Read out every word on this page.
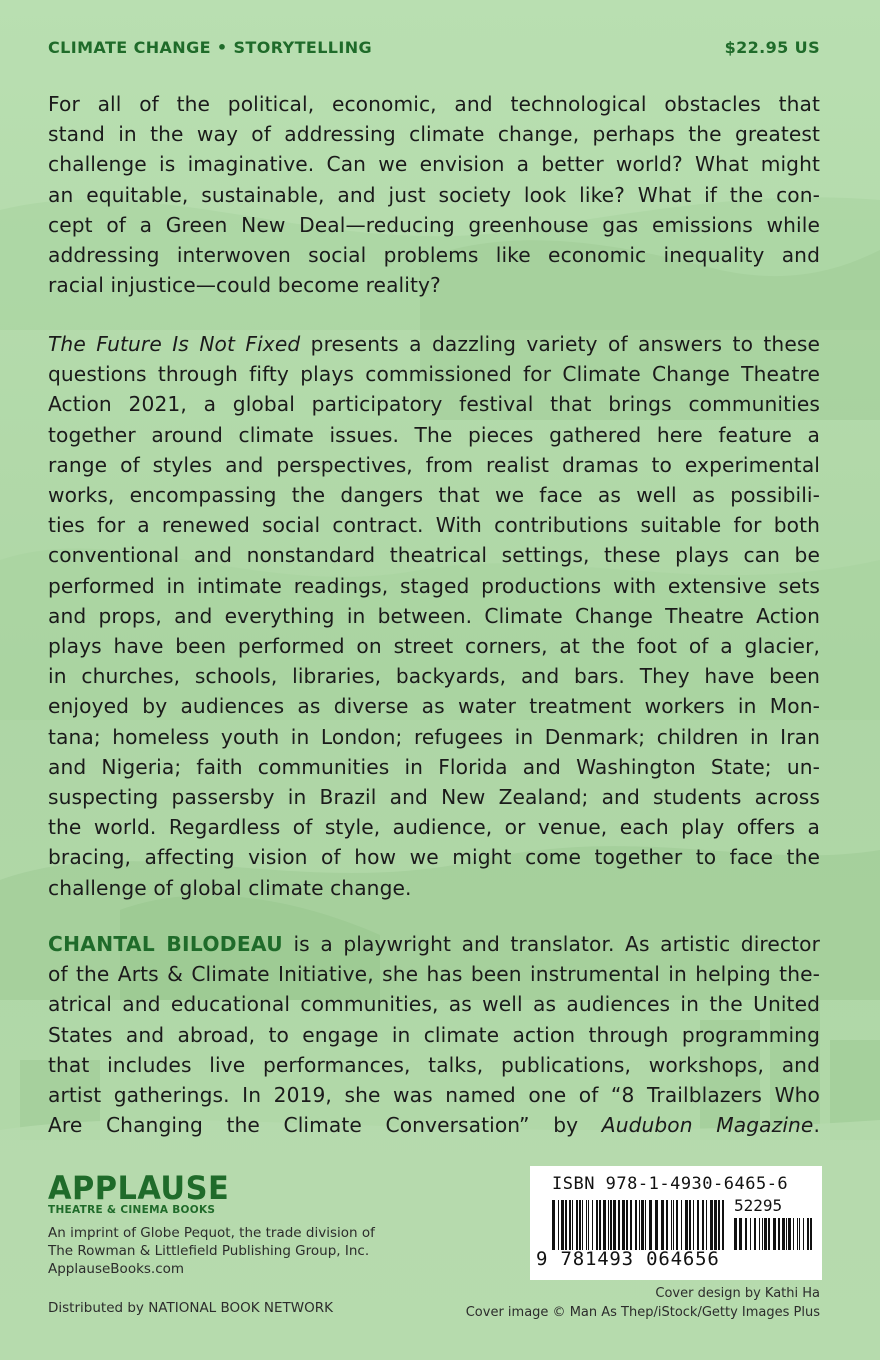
CLIMATE CHANGE • STORYTELLING	$22.95 US
For all of the political, economic, and technological obstacles that
stand in the way of addressing climate change, perhaps the greatest
challenge is imaginative. Can we envision a better world? What might
an equitable, sustainable, and just society look like? What if the con-
cept of a Green New Deal—reducing greenhouse gas emissions while
addressing interwoven social problems like economic inequality and
racial injustice—could become reality?
The Future Is Not Fixed presents a dazzling variety of answers to these
questions through fifty plays commissioned for Climate Change Theatre
Action 2021, a global participatory festival that brings communities
together around climate issues. The pieces gathered here feature a
range of styles and perspectives, from realist dramas to experimental
works, encompassing the dangers that we face as well as possibili-
ties for a renewed social contract. With contributions suitable for both
conventional and nonstandard theatrical settings, these plays can be
performed in intimate readings, staged productions with extensive sets
and props, and everything in between. Climate Change Theatre Action
plays have been performed on street corners, at the foot of a glacier,
in churches, schools, libraries, backyards, and bars. They have been
enjoyed by audiences as diverse as water treatment workers in Mon-
tana; homeless youth in London; refugees in Denmark; children in Iran
and Nigeria; faith communities in Florida and Washington State; un-
suspecting passersby in Brazil and New Zealand; and students across
the world. Regardless of style, audience, or venue, each play offers a
bracing, affecting vision of how we might come together to face the
challenge of global climate change.
CHANTAL BILODEAU is a playwright and translator. As artistic director
of the Arts & Climate Initiative, she has been instrumental in helping the-
atrical and educational communities, as well as audiences in the United
States and abroad, to engage in climate action through programming
that includes live performances, talks, publications, workshops, and
artist gatherings. In 2019, she was named one of “8 Trailblazers Who
Are Changing the Climate Conversation” by Audubon Magazine.
APPLAUSE
THEATRE & CINEMA BOOKS
An imprint of Globe Pequot, the trade division of
The Rowman & Littlefield Publishing Group, Inc.
ApplauseBooks.com
Distributed by NATIONAL BOOK NETWORK
ISBN 978-1-4930-6465-6
52295
9 781493 064656
Cover design by Kathi Ha
Cover image © Man As Thep/iStock/Getty Images Plus
